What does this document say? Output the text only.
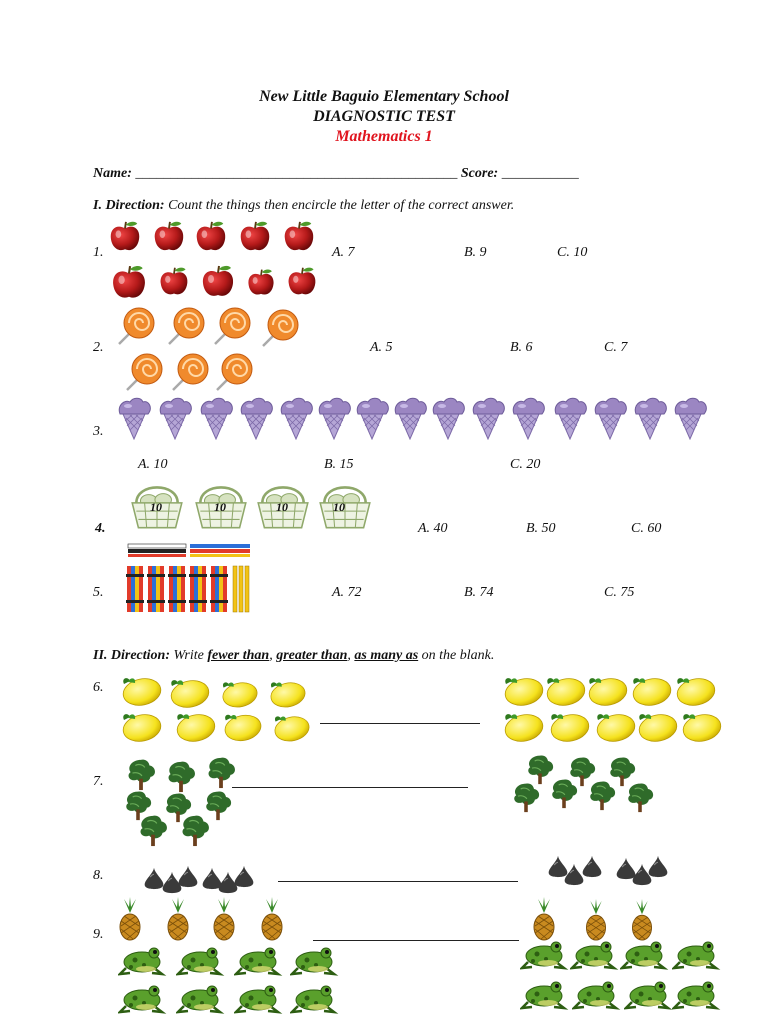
New Little Baguio Elementary School
DIAGNOSTIC TEST
Mathematics 1
Name: ______________________________________________ Score: ___________
I. Direction: Count the things then encircle the letter of the correct answer.
1.	A. 7	B. 9	C. 10
2.	A. 5	B. 6	C. 7
3.
A. 10	B. 15	C. 20
4.
10	10	10	10
A. 40	B. 50	C. 60
5.	A. 72	B. 74	C. 75
II. Direction: Write fewer than, greater than, as many as on the blank.
6.
7.
8.
9.
